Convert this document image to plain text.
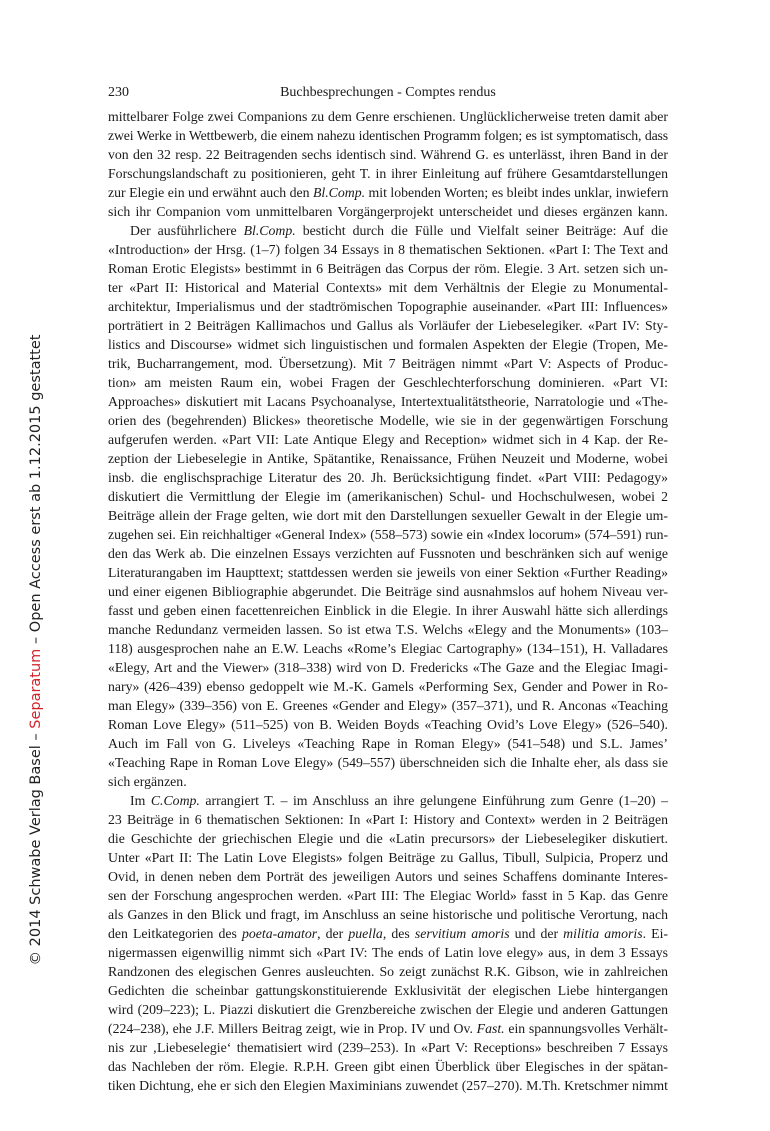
230	Buchbesprechungen - Comptes rendus
mittelbarer Folge zwei Companions zu dem Genre erschienen. Unglücklicherweise treten damit aber
zwei Werke in Wettbewerb, die einem nahezu identischen Programm folgen; es ist symptomatisch, dass
von den 32 resp. 22 Beitragenden sechs identisch sind. Während G. es unterlässt, ihren Band in der
Forschungslandschaft zu positionieren, geht T. in ihrer Einleitung auf frühere Gesamtdarstellungen
zur Elegie ein und erwähnt auch den Bl.Comp. mit lobenden Worten; es bleibt indes unklar, inwiefern
sich ihr Companion vom unmittelbaren Vorgängerprojekt unterscheidet und dieses ergänzen kann.
Der ausführlichere Bl.Comp. besticht durch die Fülle und Vielfalt seiner Beiträge: Auf die
«Introduction» der Hrsg. (1–7) folgen 34 Essays in 8 thematischen Sektionen. «Part I: The Text and
Roman Erotic Elegists» bestimmt in 6 Beiträgen das Corpus der röm. Elegie. 3 Art. setzen sich un-
ter «Part II: Historical and Material Contexts» mit dem Verhältnis der Elegie zu Monumental-
architektur, Imperialismus und der stadtrömischen Topographie auseinander. «Part III: Influences»
porträtiert in 2 Beiträgen Kallimachos und Gallus als Vorläufer der Liebeselegiker. «Part IV: Sty-
listics and Discourse» widmet sich linguistischen und formalen Aspekten der Elegie (Tropen, Me-
trik, Bucharrangement, mod. Übersetzung). Mit 7 Beiträgen nimmt «Part V: Aspects of Produc-
tion» am meisten Raum ein, wobei Fragen der Geschlechterforschung dominieren. «Part VI:
Approaches» diskutiert mit Lacans Psychoanalyse, Intertextualitätstheorie, Narratologie und «The-
orien des (begehrenden) Blickes» theoretische Modelle, wie sie in der gegenwärtigen Forschung
aufgerufen werden. «Part VII: Late Antique Elegy and Reception» widmet sich in 4 Kap. der Re-
zeption der Liebeselegie in Antike, Spätantike, Renaissance, Frühen Neuzeit und Moderne, wobei
insb. die englischsprachige Literatur des 20. Jh. Berücksichtigung findet. «Part VIII: Pedagogy»
diskutiert die Vermittlung der Elegie im (amerikanischen) Schul- und Hochschulwesen, wobei 2
Beiträge allein der Frage gelten, wie dort mit den Darstellungen sexueller Gewalt in der Elegie um-
zugehen sei. Ein reichhaltiger «General Index» (558–573) sowie ein «Index locorum» (574–591) run-
den das Werk ab. Die einzelnen Essays verzichten auf Fussnoten und beschränken sich auf wenige
Literaturangaben im Haupttext; stattdessen werden sie jeweils von einer Sektion «Further Reading»
und einer eigenen Bibliographie abgerundet. Die Beiträge sind ausnahmslos auf hohem Niveau ver-
fasst und geben einen facettenreichen Einblick in die Elegie. In ihrer Auswahl hätte sich allerdings
manche Redundanz vermeiden lassen. So ist etwa T.S. Welchs «Elegy and the Monuments» (103–
118) ausgesprochen nahe an E.W. Leachs «Rome’s Elegiac Cartography» (134–151), H. Valladares
«Elegy, Art and the Viewer» (318–338) wird von D. Fredericks «The Gaze and the Elegiac Imagi-
nary» (426–439) ebenso gedoppelt wie M.-K. Gamels «Performing Sex, Gender and Power in Ro-
man Elegy» (339–356) von E. Greenes «Gender and Elegy» (357–371), und R. Anconas «Teaching
Roman Love Elegy» (511–525) von B. Weiden Boyds «Teaching Ovid’s Love Elegy» (526–540).
Auch im Fall von G. Liveleys «Teaching Rape in Roman Elegy» (541–548) und S.L. James’
«Teaching Rape in Roman Love Elegy» (549–557) überschneiden sich die Inhalte eher, als dass sie
sich ergänzen.
Im C.Comp. arrangiert T. – im Anschluss an ihre gelungene Einführung zum Genre (1–20) –
23 Beiträge in 6 thematischen Sektionen: In «Part I: History and Context» werden in 2 Beiträgen
die Geschichte der griechischen Elegie und die «Latin precursors» der Liebeselegiker diskutiert.
Unter «Part II: The Latin Love Elegists» folgen Beiträge zu Gallus, Tibull, Sulpicia, Properz und
Ovid, in denen neben dem Porträt des jeweiligen Autors und seines Schaffens dominante Interes-
sen der Forschung angesprochen werden. «Part III: The Elegiac World» fasst in 5 Kap. das Genre
als Ganzes in den Blick und fragt, im Anschluss an seine historische und politische Verortung, nach
den Leitkategorien des poeta-amator, der puella, des servitium amoris und der militia amoris. Ei-
nigermassen eigenwillig nimmt sich «Part IV: The ends of Latin love elegy» aus, in dem 3 Essays
Randzonen des elegischen Genres ausleuchten. So zeigt zunächst R.K. Gibson, wie in zahlreichen
Gedichten die scheinbar gattungskonstituierende Exklusivität der elegischen Liebe hintergangen
wird (209–223); L. Piazzi diskutiert die Grenzbereiche zwischen der Elegie und anderen Gattungen
(224–238), ehe J.F. Millers Beitrag zeigt, wie in Prop. IV und Ov. Fast. ein spannungsvolles Verhält-
nis zur ‚Liebeselegie‘ thematisiert wird (239–253). In «Part V: Receptions» beschreiben 7 Essays
das Nachleben der röm. Elegie. R.P.H. Green gibt einen Überblick über Elegisches in der spätan-
tiken Dichtung, ehe er sich den Elegien Maximinians zuwendet (257–270). M.Th. Kretschmer nimmt
© 2014 Schwabe Verlag Basel – Separatum – Open Access erst ab 1.12.2015 gestattet
